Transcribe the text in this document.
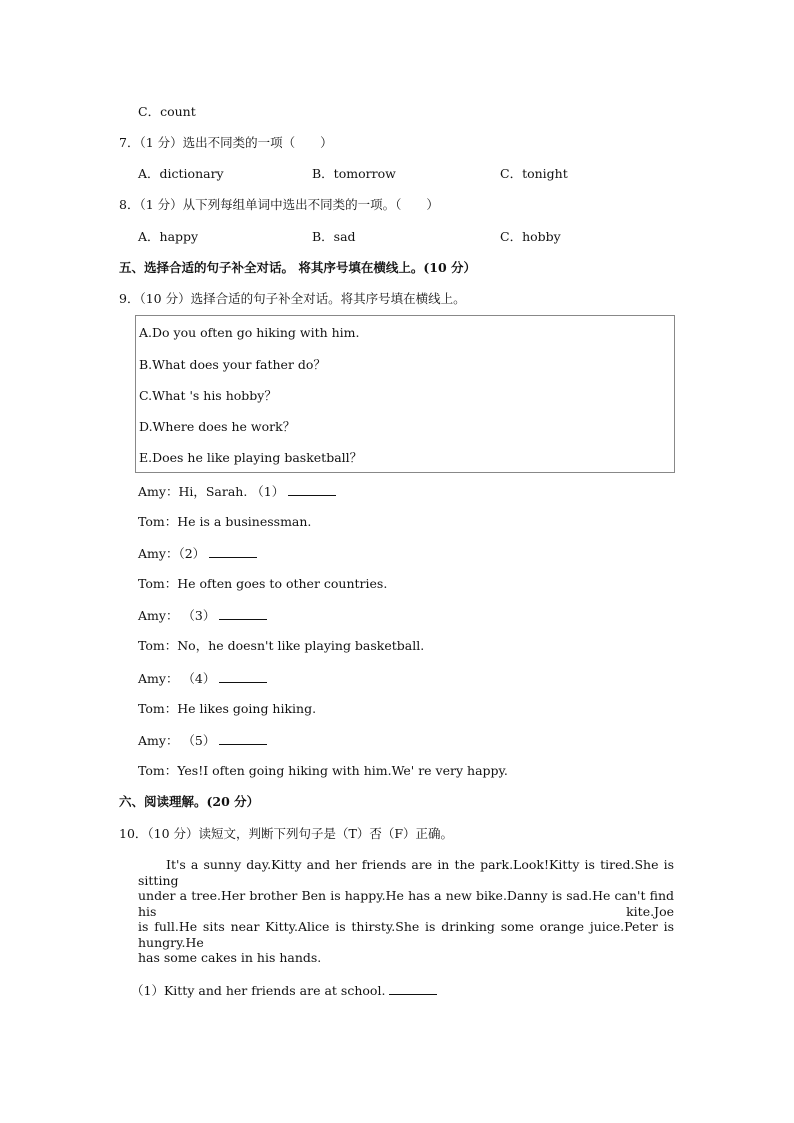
C．count
7．（1 分）选出不同类的一项（　　）
A．dictionary	B．tomorrow	C．tonight
8．（1 分）从下列每组单词中选出不同类的一项。（　　）
A．happy	B．sad	C．hobby
五、选择合适的句子补全对话。 将其序号填在横线上。(10 分）
9．（10 分）选择合适的句子补全对话。将其序号填在横线上。
A.Do you often go hiking with him.
B.What does your father do？
C.What 's his hobby？
D.Where does he work？
E.Does he like playing basketball？
Amy：Hi，Sarah. （1）
Tom：He is a businessman.
Amy：（2）
Tom：He often goes to other countries.
Amy： （3）
Tom：No，he doesn't like playing basketball.
Amy： （4）
Tom：He likes going hiking.
Amy： （5）
Tom：Yes!I often going hiking with him.We' re very happy.
六、阅读理解。(20 分）
10．（10 分）读短文，判断下列句子是（T）否（F）正确。
It's a sunny day.Kitty and her friends are in the park.Look!Kitty is tired.She is sitting
under a tree.Her brother Ben is happy.He has a new bike.Danny is sad.He can't find his kite.Joe
is full.He sits near Kitty.Alice is thirsty.She is drinking some orange juice.Peter is hungry.He
has some cakes in his hands.
（1）Kitty and her friends are at school.
